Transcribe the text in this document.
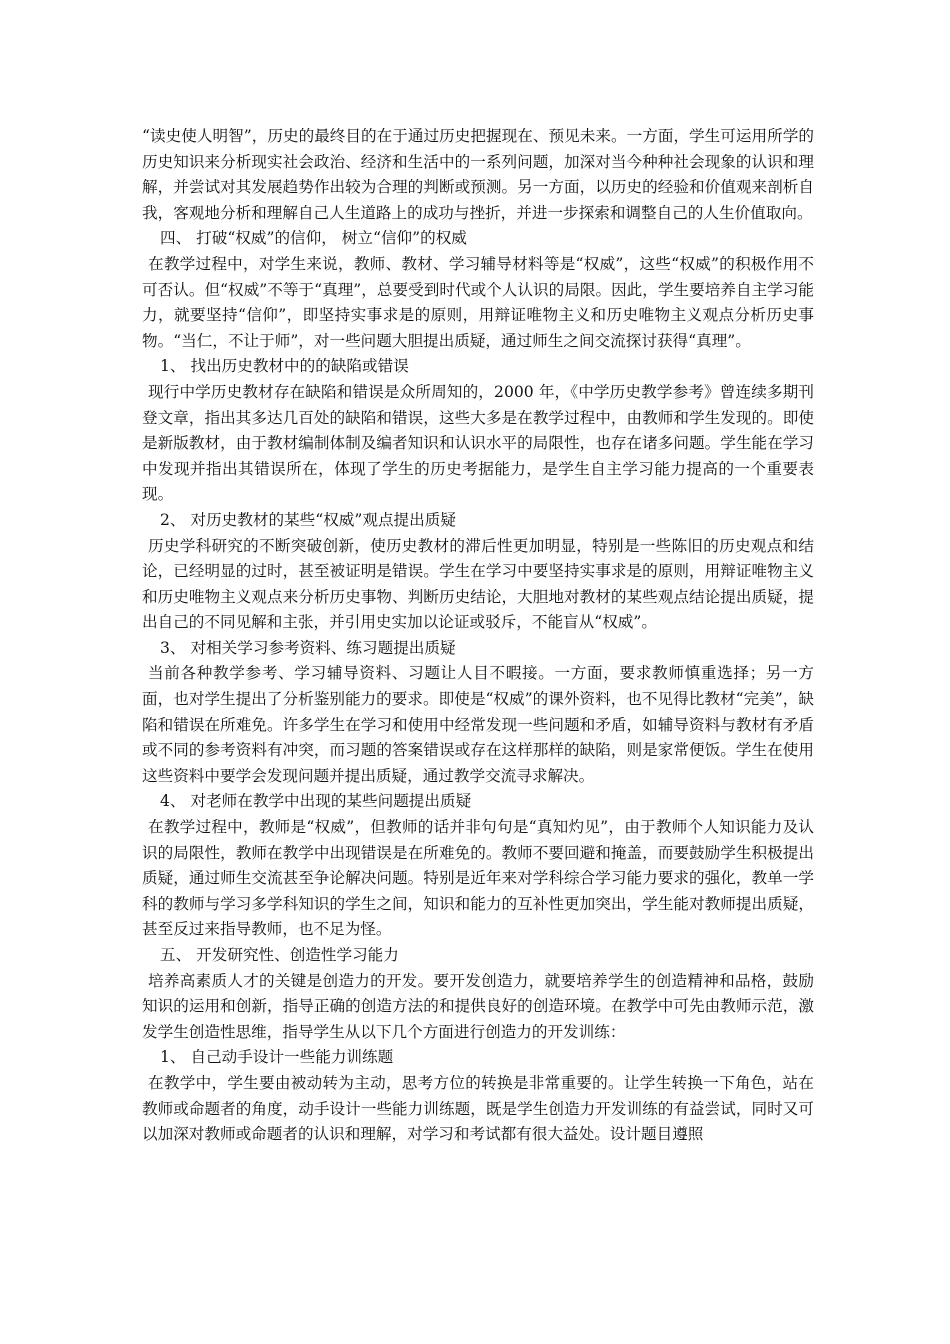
“读史使人明智”，历史的最终目的在于通过历史把握现在、预见未来。一方面，学生可运用所学的历史知识来分析现实社会政治、经济和生活中的一系列问题，加深对当今种种社会现象的认识和理解，并尝试对其发展趋势作出较为合理的判断或预测。另一方面，以历史的经验和价值观来剖析自我，客观地分析和理解自己人生道路上的成功与挫折，并进一步探索和调整自己的人生价值取向。

四、 打破“权威”的信仰， 树立“信仰”的权威

在教学过程中，对学生来说，教师、教材、学习辅导材料等是“权威”，这些“权威”的积极作用不可否认。但“权威”不等于“真理”，总要受到时代或个人认识的局限。因此，学生要培养自主学习能力，就要坚持“信仰”，即坚持实事求是的原则，用辩证唯物主义和历史唯物主义观点分析历史事物。“当仁，不让于师”，对一些问题大胆提出质疑，通过师生之间交流探讨获得“真理”。

1、 找出历史教材中的的缺陷或错误

现行中学历史教材存在缺陷和错误是众所周知的，2000 年，《中学历史教学参考》曾连续多期刊登文章，指出其多达几百处的缺陷和错误，这些大多是在教学过程中，由教师和学生发现的。即使是新版教材，由于教材编制体制及编者知识和认识水平的局限性，也存在诸多问题。学生能在学习中发现并指出其错误所在，体现了学生的历史考据能力，是学生自主学习能力提高的一个重要表现。

2、 对历史教材的某些“权威”观点提出质疑

历史学科研究的不断突破创新，使历史教材的滞后性更加明显，特别是一些陈旧的历史观点和结论，已经明显的过时，甚至被证明是错误。学生在学习中要坚持实事求是的原则，用辩证唯物主义和历史唯物主义观点来分析历史事物、判断历史结论，大胆地对教材的某些观点结论提出质疑，提出自己的不同见解和主张，并引用史实加以论证或驳斥，不能盲从“权威”。

3、 对相关学习参考资料、练习题提出质疑

当前各种教学参考、学习辅导资料、习题让人目不暇接。一方面，要求教师慎重选择；另一方面，也对学生提出了分析鉴别能力的要求。即使是“权威”的课外资料，也不见得比教材“完美”，缺陷和错误在所难免。许多学生在学习和使用中经常发现一些问题和矛盾，如辅导资料与教材有矛盾或不同的参考资料有冲突，而习题的答案错误或存在这样那样的缺陷，则是家常便饭。学生在使用这些资料中要学会发现问题并提出质疑，通过教学交流寻求解决。

4、 对老师在教学中出现的某些问题提出质疑

在教学过程中，教师是“权威”，但教师的话并非句句是“真知灼见”，由于教师个人知识能力及认识的局限性，教师在教学中出现错误是在所难免的。教师不要回避和掩盖，而要鼓励学生积极提出质疑，通过师生交流甚至争论解决问题。特别是近年来对学科综合学习能力要求的强化，教单一学科的教师与学习多学科知识的学生之间，知识和能力的互补性更加突出，学生能对教师提出质疑，甚至反过来指导教师，也不足为怪。

五、 开发研究性、创造性学习能力

培养高素质人才的关键是创造力的开发。要开发创造力，就要培养学生的创造精神和品格，鼓励知识的运用和创新，指导正确的创造方法的和提供良好的创造环境。在教学中可先由教师示范，激发学生创造性思维，指导学生从以下几个方面进行创造力的开发训练：

1、 自己动手设计一些能力训练题

在教学中，学生要由被动转为主动，思考方位的转换是非常重要的。让学生转换一下角色，站在教师或命题者的角度，动手设计一些能力训练题，既是学生创造力开发训练的有益尝试，同时又可以加深对教师或命题者的认识和理解，对学习和考试都有很大益处。设计题目遵照
